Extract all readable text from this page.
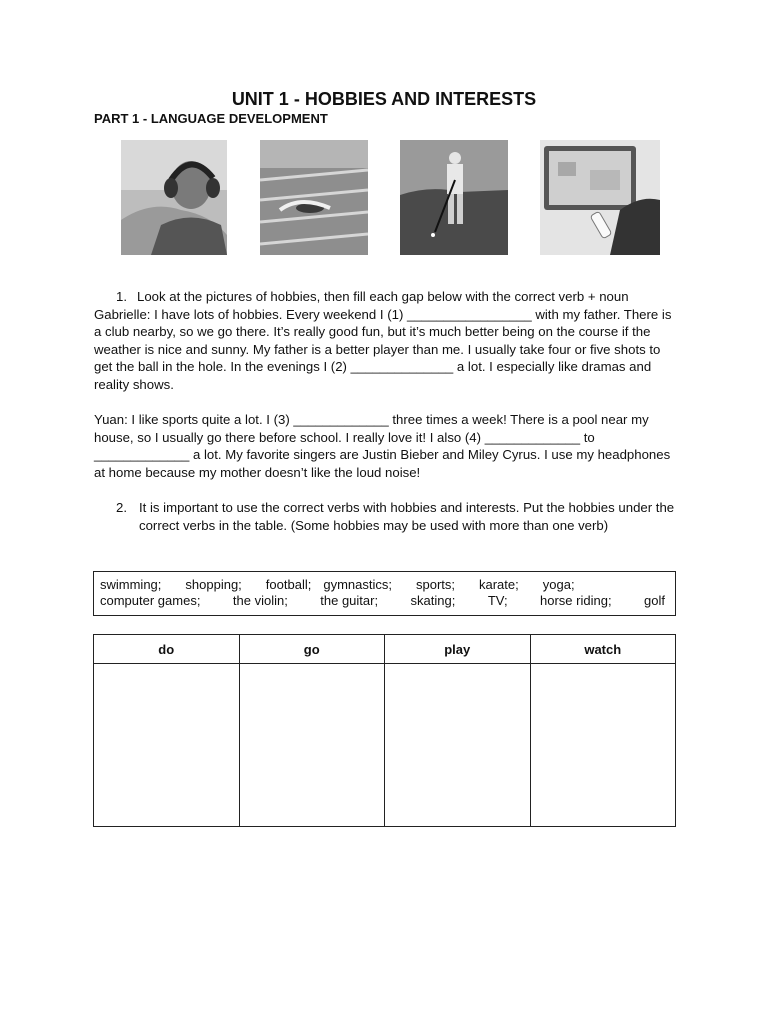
UNIT 1 - HOBBIES AND INTERESTS
PART 1 - LANGUAGE DEVELOPMENT
1. Look at the pictures of hobbies, then fill each gap below with the correct verb + noun
Gabrielle: I have lots of hobbies. Every weekend I (1) _________________ with my father. There is a club nearby, so we go there. It’s really good fun, but it’s much better being on the course if the weather is nice and sunny. My father is a better player than me. I usually take four or five shots to get the ball in the hole. In the evenings I (2) ______________ a lot. I especially like dramas and reality shows.
Yuan: I like sports quite a lot. I (3) _____________ three times a week! There is a pool near my house, so I usually go there before school. I really love it! I also (4) _____________ to _____________ a lot. My favorite singers are Justin Bieber and Miley Cyrus. I use my headphones at home because my mother doesn’t like the loud noise!
2. It is important to use the correct verbs with hobbies and interests. Put the hobbies under the correct verbs in the table. (Some hobbies may be used with more than one verb)
swimming; shopping; football; gymnastics; sports; karate; yoga;
computer games; the violin; the guitar; skating; TV; horse riding; golf
do	go	play	watch
